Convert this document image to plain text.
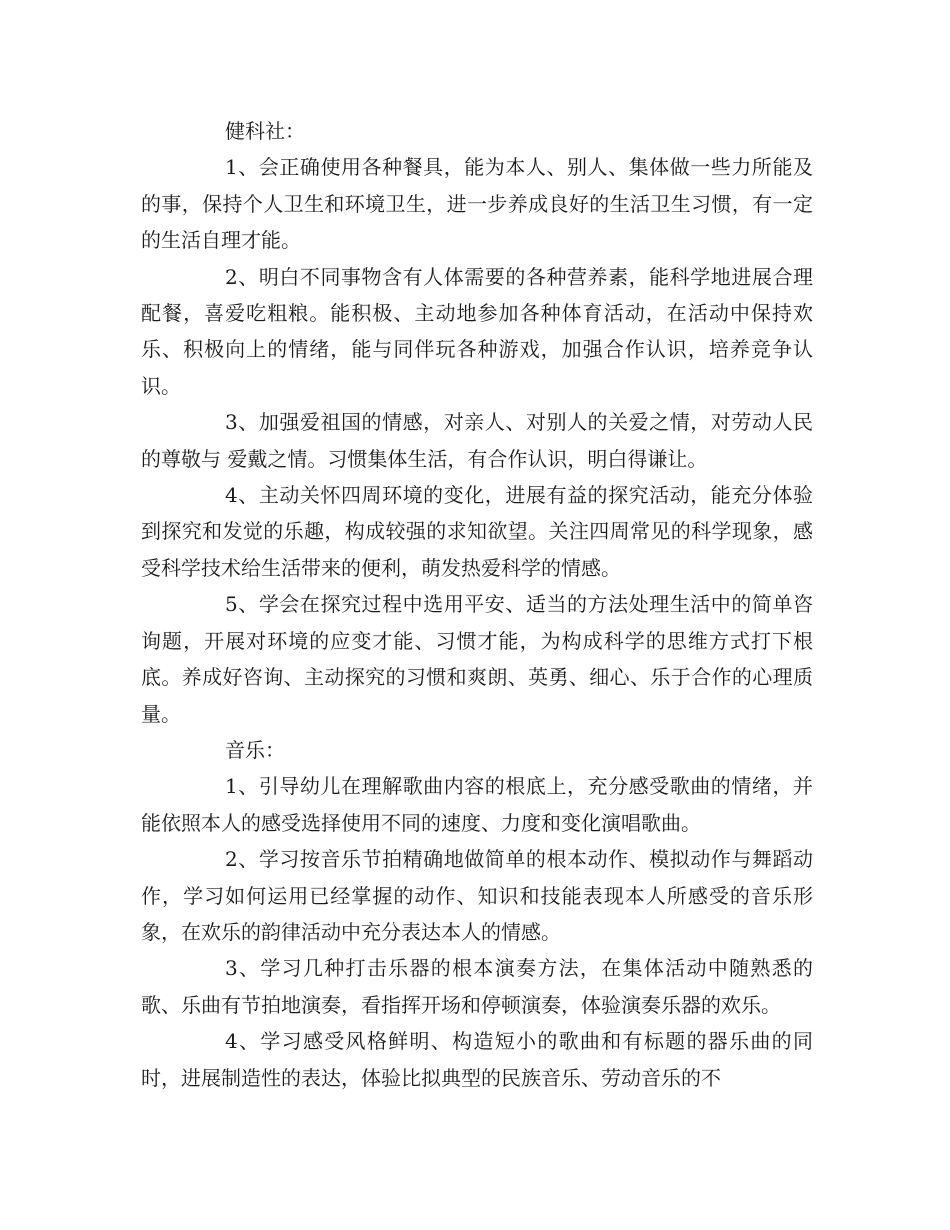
健科社：

1、会正确使用各种餐具，能为本人、别人、集体做一些力所能及的事，保持个人卫生和环境卫生，进一步养成良好的生活卫生习惯，有一定的生活自理才能。

2、明白不同事物含有人体需要的各种营养素，能科学地进展合理配餐，喜爱吃粗粮。能积极、主动地参加各种体育活动，在活动中保持欢乐、积极向上的情绪，能与同伴玩各种游戏，加强合作认识，培养竞争认识。

3、加强爱祖国的情感，对亲人、对别人的关爱之情，对劳动人民的尊敬与 爱戴之情。习惯集体生活，有合作认识，明白得谦让。

4、主动关怀四周环境的变化，进展有益的探究活动，能充分体验到探究和发觉的乐趣，构成较强的求知欲望。关注四周常见的科学现象，感受科学技术给生活带来的便利，萌发热爱科学的情感。

5、学会在探究过程中选用平安、适当的方法处理生活中的简单咨询题，开展对环境的应变才能、习惯才能，为构成科学的思维方式打下根底。养成好咨询、主动探究的习惯和爽朗、英勇、细心、乐于合作的心理质量。

音乐：

1、引导幼儿在理解歌曲内容的根底上，充分感受歌曲的情绪，并能依照本人的感受选择使用不同的速度、力度和变化演唱歌曲。

2、学习按音乐节拍精确地做简单的根本动作、模拟动作与舞蹈动作，学习如何运用已经掌握的动作、知识和技能表现本人所感受的音乐形象，在欢乐的韵律活动中充分表达本人的情感。

3、学习几种打击乐器的根本演奏方法，在集体活动中随熟悉的歌、乐曲有节拍地演奏，看指挥开场和停顿演奏，体验演奏乐器的欢乐。

4、学习感受风格鲜明、构造短小的歌曲和有标题的器乐曲的同时，进展制造性的表达，体验比拟典型的民族音乐、劳动音乐的不
